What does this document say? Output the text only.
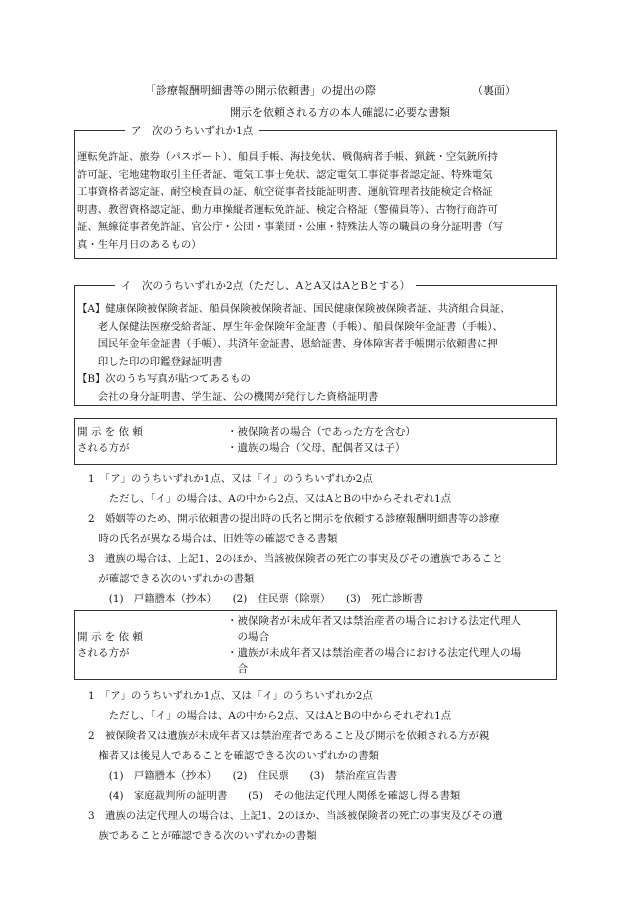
「診療報酬明細書等の開示依頼書」の提出の際	（裏面）
開示を依頼される方の本人確認に必要な書類
ア　次のうちいずれか1点
運転免許証、旅券（パスポート）、船員手帳、海技免状、戦傷病者手帳、猟銃・空気銃所持
許可証、宅地建物取引主任者証、電気工事士免状、認定電気工事従事者認定証、特殊電気
工事資格者認定証、耐空検査員の証、航空従事者技能証明書、運航管理者技能検定合格証
明書、教習資格認定証、動力車操縦者運転免許証、検定合格証（警備員等）、古物行商許可
証、無線従事者免許証、官公庁・公団・事業団・公庫・特殊法人等の職員の身分証明書（写
真・生年月日のあるもの）
イ　次のうちいずれか2点（ただし、AとA又はAとBとする）
【A】健康保険被保険者証、船員保険被保険者証、国民健康保険被保険者証、共済組合員証、
　　老人保健法医療受給者証、厚生年金保険年金証書（手帳）、船員保険年金証書（手帳）、
　　国民年金年金証書（手帳）、共済年金証書、恩給証書、身体障害者手帳開示依頼書に押
　　印した印の印鑑登録証明書
【B】次のうち写真が貼つてあるもの
　　会社の身分証明書、学生証、公の機関が発行した資格証明書
開 示 を 依 頼
される方が
・被保険者の場合（であった方を含む）
・遺族の場合（父母、配偶者又は子）
1　「ア」のうちいずれか1点、又は「イ」のうちいずれか2点
　　ただし、「イ」の場合は、Aの中から2点、又はAとBの中からそれぞれ1点
2　婚姻等のため、開示依頼書の提出時の氏名と開示を依頼する診療報酬明細書等の診療
　時の氏名が異なる場合は、旧姓等の確認できる書類
3　遺族の場合は、上記1、2のほか、当該被保険者の死亡の事実及びその遺族であること
　が確認できる次のいずれかの書類
　　(1)　戸籍謄本（抄本）　　(2)　住民票（除票）　　(3)　死亡診断書
開 示 を 依 頼
される方が
・被保険者が未成年者又は禁治産者の場合における法定代理人
　の場合
・遺族が未成年者又は禁治産者の場合における法定代理人の場
　合
1　「ア」のうちいずれか1点、又は「イ」のうちいずれか2点
　　ただし、「イ」の場合は、Aの中から2点、又はAとBの中からそれぞれ1点
2　被保険者又は遺族が未成年者又は禁治産者であること及び開示を依頼される方が親
　権者又は後見人であることを確認できる次のいずれかの書類
　　(1)　戸籍謄本（抄本）　　(2)　住民票　　(3)　禁治産宣告書
　　(4)　家庭裁判所の証明書　　(5)　その他法定代理人関係を確認し得る書類
3　遺族の法定代理人の場合は、上記1、2のほか、当該被保険者の死亡の事実及びその遺
　族であることが確認できる次のいずれかの書類
